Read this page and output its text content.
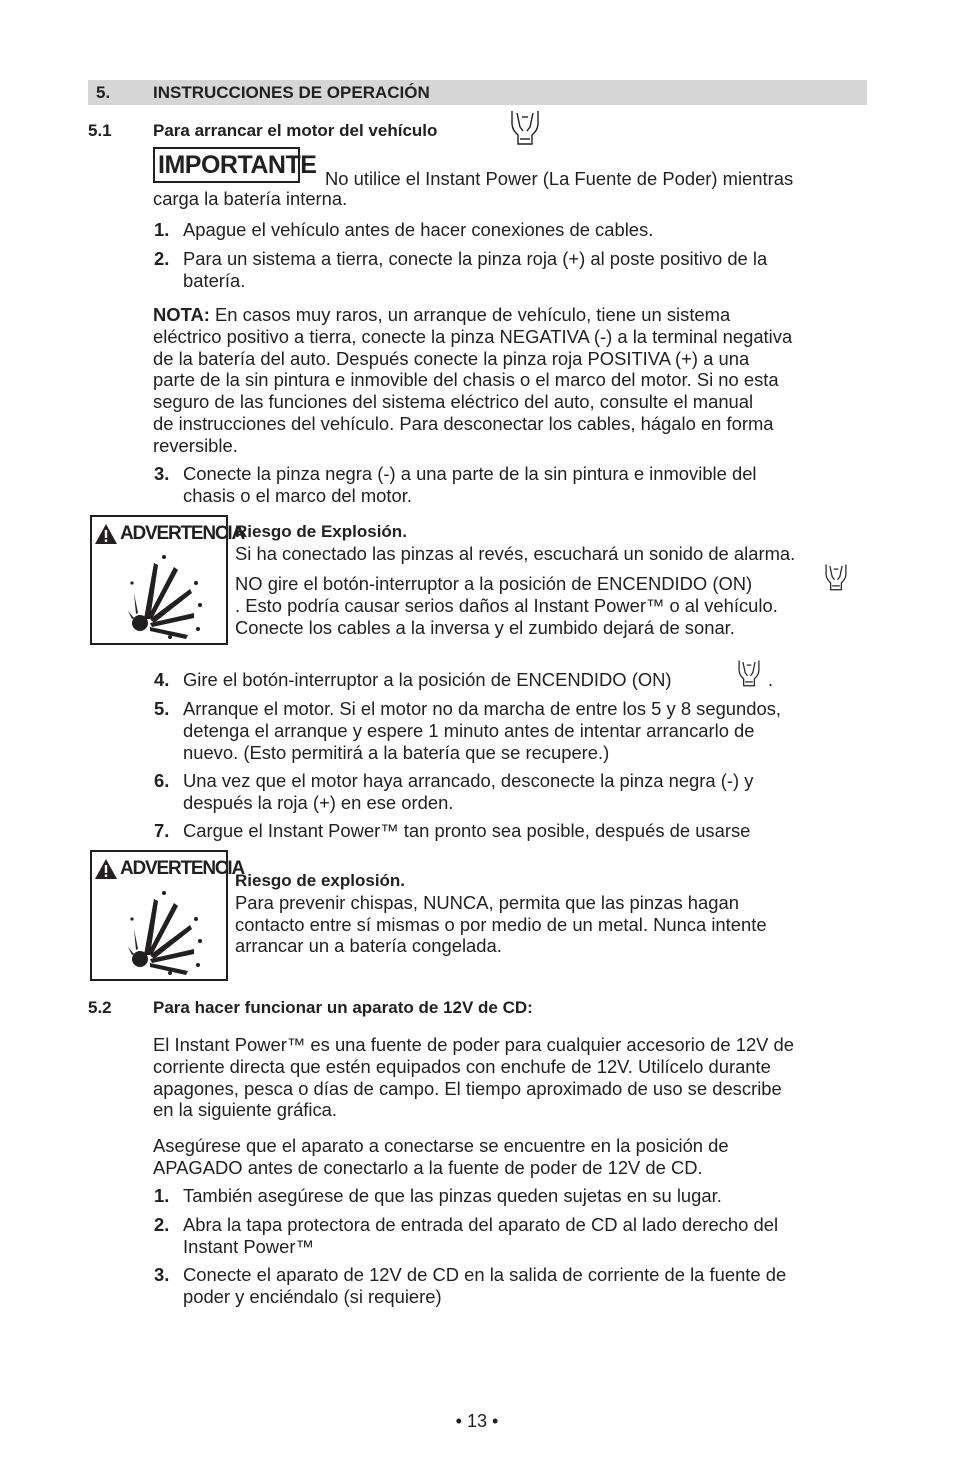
5.	INSTRUCCIONES DE OPERACIÓN
5.1 Para arrancar el motor del vehículo
IMPORTANTE No utilice el Instant Power (La Fuente de Poder) mientras
carga la batería interna.
1. Apague el vehículo antes de hacer conexiones de cables.
2. Para un sistema a tierra, conecte la pinza roja (+) al poste positivo de la
batería.
NOTA: En casos muy raros, un arranque de vehículo, tiene un sistema
eléctrico positivo a tierra, conecte la pinza NEGATIVA (-) a la terminal negativa
de la batería del auto. Después conecte la pinza roja POSITIVA (+) a una
parte de la sin pintura e inmovible del chasis o el marco del motor. Si no esta
seguro de las funciones del sistema eléctrico del auto, consulte el manual
de instrucciones del vehículo. Para desconectar los cables, hágalo en forma
reversible.
3. Conecte la pinza negra (-) a una parte de la sin pintura e inmovible del
chasis o el marco del motor.
ADVERTENCIA
Riesgo de Explosión.
Si ha conectado las pinzas al revés, escuchará un sonido de alarma.
NO gire el botón-interruptor a la posición de ENCENDIDO (ON)
. Esto podría causar serios daños al Instant Power™ o al vehículo.
Conecte los cables a la inversa y el zumbido dejará de sonar.
4. Gire el botón-interruptor a la posición de ENCENDIDO (ON)	.
5. Arranque el motor. Si el motor no da marcha de entre los 5 y 8 segundos,
detenga el arranque y espere 1 minuto antes de intentar arrancarlo de
nuevo. (Esto permitirá a la batería que se recupere.)
6. Una vez que el motor haya arrancado, desconecte la pinza negra (-) y
después la roja (+) en ese orden.
7. Cargue el Instant Power™ tan pronto sea posible, después de usarse
ADVERTENCIA
Riesgo de explosión.
Para prevenir chispas, NUNCA, permita que las pinzas hagan
contacto entre sí mismas o por medio de un metal. Nunca intente
arrancar un a batería congelada.
5.2 Para hacer funcionar un aparato de 12V de CD:
El Instant Power™ es una fuente de poder para cualquier accesorio de 12V de
corriente directa que estén equipados con enchufe de 12V. Utilícelo durante
apagones, pesca o días de campo. El tiempo aproximado de uso se describe
en la siguiente gráfica.
Asegúrese que el aparato a conectarse se encuentre en la posición de
APAGADO antes de conectarlo a la fuente de poder de 12V de CD.
1. También asegúrese de que las pinzas queden sujetas en su lugar.
2. Abra la tapa protectora de entrada del aparato de CD al lado derecho del
Instant Power™
3. Conecte el aparato de 12V de CD en la salida de corriente de la fuente de
poder y enciéndalo (si requiere)
• 13 •
